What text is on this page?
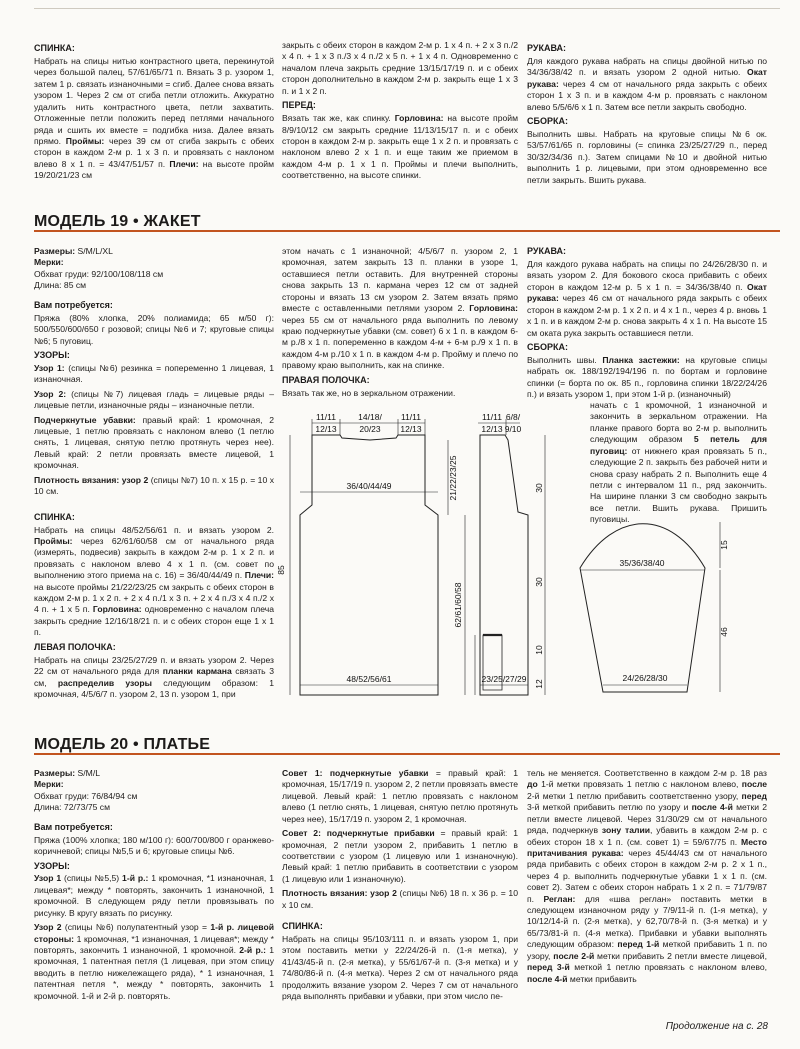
СПИНКА:

Набрать на спицы нитью контрастного цвета, перекинутой через большой палец, 57/61/65/71 п. Вязать 3 р. узором 1, затем 1 р. связать изнаночными = сгиб. Далее снова вязать узором 1. Через 2 см от сгиба петли отложить. Аккуратно удалить нить контрастного цвета, петли захватить. Отложенные петли положить перед петлями начального ряда и сшить их вместе = подгибка низа. Далее вязать прямо. Проймы: через 39 см от сгиба закрыть с обеих сторон в каждом 2-м р. 1 х 3 п. и провязать с наклоном влево 8 х 1 п. = 43/47/51/57 п. Плечи: на высоте пройм 19/20/21/23 см

закрыть с обеих сторон в каждом 2-м р. 1 х 4 п. + 2 х 3 п./2 х 4 п. + 1 х 3 п./3 х 4 п./2 х 5 п. + 1 х 4 п. Одновременно с началом плеча закрыть средние 13/15/17/19 п. и с обеих сторон дополнительно в каждом 2-м р. закрыть еще 1 х 3 п. и 1 х 2 п.

ПЕРЕД:

Вязать так же, как спинку. Горловина: на высоте пройм 8/9/10/12 см закрыть средние 11/13/15/17 п. и с обеих сторон в каждом 2-м р. закрыть еще 1 х 2 п. и провязать с наклоном влево 2 х 1 п. и еще таким же приемом в каждом 4-м р. 1 х 1 п. Проймы и плечи выполнить, соответственно, на высоте спинки.

РУКАВА:

Для каждого рукава набрать на спицы двойной нитью по 34/36/38/42 п. и вязать узором 2 одной нитью. Окат рукава: через 4 см от начального ряда закрыть с обеих сторон 1 х 3 п. и в каждом 4-м р. провязать с наклоном влево 5/5/6/6 х 1 п. Затем все петли закрыть свободно.

СБОРКА:

Выполнить швы. Набрать на круговые спицы №6 ок. 53/57/61/65 п. горловины (= спинка 23/25/27/29 п., перед 30/32/34/36 п.). Затем спицами №10 и двойной нитью выполнить 1 р. лицевыми, при этом одновременно все петли закрыть. Вшить рукава.

МОДЕЛЬ 19 • ЖАКЕТ

Размеры: S/M/L/XL

Мерки:

Обхват груди: 92/100/108/118 см

Длина: 85 см

Вам потребуется:

Пряжа (80% хлопка, 20% полиамида; 65 м/50 г): 500/550/600/650 г розовой; спицы №6 и 7; круговые спицы №6; 5 пуговиц.

УЗОРЫ:

Узор 1: (спицы №6) резинка = попеременно 1 лицевая, 1 изнаночная.

Узор 2: (спицы №7) лицевая гладь = лицевые ряды – лицевые петли, изнаночные ряды – изнаночные петли.

Подчеркнутые убавки: правый край: 1 кромочная, 2 лицевые, 1 петлю провязать с наклоном влево (1 петлю снять, 1 лицевая, снятую петлю протянуть через нее). Левый край: 2 петли провязать вместе лицевой, 1 кромочная.

Плотность вязания: узор 2 (спицы №7) 10 п. х 15 р. = 10 х 10 см.

СПИНКА:

Набрать на спицы 48/52/56/61 п. и вязать узором 2. Проймы: через 62/61/60/58 см от начального ряда (измерять, подвесив) закрыть в каждом 2-м р. 1 х 2 п. и провязать с наклоном влево 4 х 1 п. (см. совет по выполнению этого приема на с. 16) = 36/40/44/49 п. Плечи: на высоте проймы 21/22/23/25 см закрыть с обеих сторон в каждом 2-м р. 1 х 2 п. + 2 х 4 п./1 х 3 п. + 2 х 4 п./3 х 4 п./2 х 4 п. + 1 х 5 п. Горловина: одновременно с началом плеча закрыть средние 12/16/18/21 п. и с обеих сторон еще 1 х 1 п.

ЛЕВАЯ ПОЛОЧКА:

Набрать на спицы 23/25/27/29 п. и вязать узором 2. Через 22 см от начального ряда для планки кармана связать 3 см, распределив узоры следующим образом: 1 кромочная, 4/5/6/7 п. узором 2, 13 п. узором 1, при

этом начать с 1 изнаночной; 4/5/6/7 п. узором 2, 1 кромочная, затем закрыть 13 п. планки в узоре 1, оставшиеся петли оставить. Для внутренней стороны снова закрыть 13 п. кармана через 12 см от задней стороны и вязать 13 см узором 2. Затем вязать прямо вместе с оставленными петлями узором 2. Горловина: через 55 см от начального ряда выполнить по левому краю подчеркнутые убавки (см. совет) 6 х 1 п. в каждом 6-м р./8 х 1 п. попеременно в каждом 4-м + 6-м р./9 х 1 п. в каждом 4-м р./10 х 1 п. в каждом 4-м р. Пройму и плечо по правому краю выполнить, как на спинке.

ПРАВАЯ ПОЛОЧКА:

Вязать так же, но в зеркальном отражении.

РУКАВА:

Для каждого рукава набрать на спицы по 24/26/28/30 п. и вязать узором 2. Для бокового скоса прибавить с обеих сторон в каждом 12-м р. 5 х 1 п. = 34/36/38/40 п. Окат рукава: через 46 см от начального ряда закрыть с обеих сторон в каждом 2-м р. 1 х 2 п. и 4 х 1 п., через 4 р. вновь 1 х 1 п. и в каждом 2-м р. снова закрыть 4 х 1 п. На высоте 15 см оката рука закрыть оставшиеся петли.

СБОРКА:

Выполнить швы. Планка застежки: на круговые спицы набрать ок. 188/192/194/196 п. по бортам и горловине спинки (= борта по ок. 85 п., горловина спинки 18/22/24/26 п.) и вязать узором 1, при этом 1-й р. (изнаночный)

начать с 1 кромочной, 1 изнаночной и закончить в зеркальном отражении. На планке правого борта во 2-м р. выполнить следующим образом 5 петель для пуговиц: от нижнего края провязать 5 п., следующие 2 п. закрыть без рабочей нити и снова сразу набрать 2 п. Выполнить еще 4 петли с интервалом 11 п., ряд закончить. На ширине планки 3 см свободно закрыть все петли. Вшить рукава. Пришить пуговицы.

11/11	14/18/ 11/11
12/13	20/23 12/13
36/40/44/49
48/52/56/61
11/11 6/8/
12/13 9/10
23/25/27/29
85
21/22/23/25
62/61/60/58
30
30
10
12
35/36/38/40
24/26/28/30
15
46
МОДЕЛЬ 20 • ПЛАТЬЕ

Размеры: S/M/L

Мерки:

Обхват груди: 76/84/94 см

Длина: 72/73/75 см

Вам потребуется:

Пряжа (100% хлопка; 180 м/100 г): 600/700/800 г оранжево-коричневой; спицы №5,5 и 6; круговые спицы №6.

УЗОРЫ:

Узор 1 (спицы №5,5) 1-й р.: 1 кромочная, *1 изнаночная, 1 лицевая*; между * повторять, закончить 1 изнаночной, 1 кромочной. В следующем ряду петли провязывать по рисунку. В кругу вязать по рисунку.

Узор 2 (спицы №6) полупатентный узор = 1-й р. лицевой стороны: 1 кромочная, *1 изнаночная, 1 лицевая*; между * повторять, закончить 1 изнаночной, 1 кромочной. 2-й р.: 1 кромочная, 1 патентная петля (1 лицевая, при этом спицу вводить в петлю нижележащего ряда), * 1 изнаночная, 1 патентная петля *, между * повторять, закончить 1 кромочной. 1-й и 2-й р. повторять.

Совет 1: подчеркнутые убавки = правый край: 1 кромочная, 15/17/19 п. узором 2, 2 петли провязать вместе лицевой. Левый край: 1 петлю провязать с наклоном влево (1 петлю снять, 1 лицевая, снятую петлю протянуть через нее), 15/17/19 п. узором 2, 1 кромочная.

Совет 2: подчеркнутые прибавки = правый край: 1 кромочная, 2 петли узором 2, прибавить 1 петлю в соответствии с узором (1 лицевую или 1 изнаночную). Левый край: 1 петлю прибавить в соответствии с узором (1 лицевую или 1 изнаночную).

Плотность вязания: узор 2 (спицы №6) 18 п. х 36 р. = 10 х 10 см.

СПИНКА:

Набрать на спицы 95/103/111 п. и вязать узором 1, при этом поставить метки у 22/24/26-й п. (1-я метка), у 41/43/45-й п. (2-я метка), у 55/61/67-й п. (3-я метка) и у 74/80/86-й п. (4-я метка). Через 2 см от начального ряда продолжить вязание узором 2. Через 7 см от начального ряда выполнять прибавки и убавки, при этом число пе-

тель не меняется. Соответственно в каждом 2-м р. 18 раз до 1-й метки провязать 1 петлю с наклоном влево, после 2-й метки 1 петлю прибавить соответственно узору, перед 3-й меткой прибавить петлю по узору и после 4-й метки 2 петли вместе лицевой. Через 31/30/29 см от начального ряда, подчеркнув зону талии, убавить в каждом 2-м р. с обеих сторон 18 х 1 п. (см. совет 1) = 59/67/75 п. Место притачивания рукава: через 45/44/43 см от начального ряда прибавить с обеих сторон в каждом 2-м р. 2 х 1 п., через 4 р. выполнить подчеркнутые убавки 1 х 1 п. (см. совет 2). Затем с обеих сторон набрать 1 х 2 п. = 71/79/87 п. Реглан: для «шва реглан» поставить метки в следующем изнаночном ряду у 7/9/11-й п. (1-я метка), у 10/12/14-й п. (2-я метка), у 62,70/78-й п. (3-я метка) и у 65/73/81-й п. (4-я метка). Прибавки и убавки выполнять следующим образом: перед 1-й меткой прибавить 1 п. по узору, после 2-й метки прибавить 2 петли вместе лицевой, перед 3-й меткой 1 петлю провязать с наклоном влево, после 4-й метки прибавить

Продолжение на с. 28
